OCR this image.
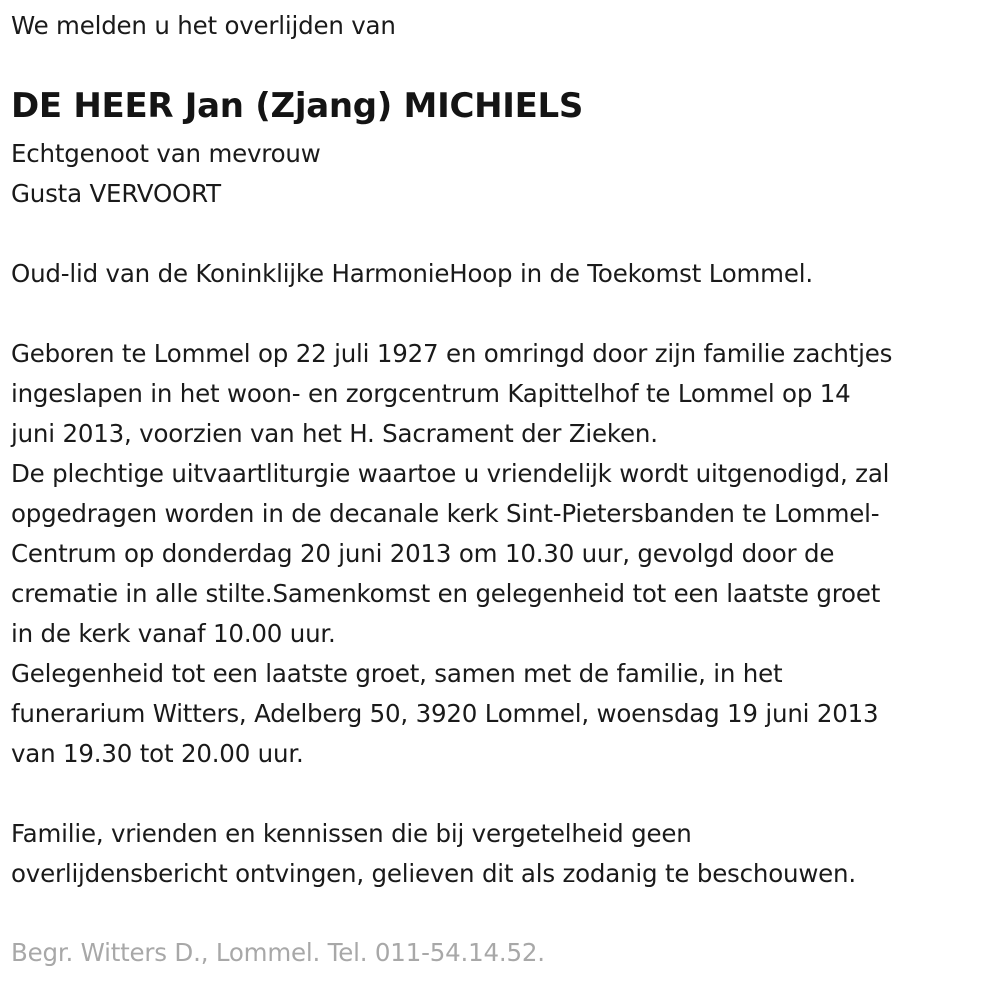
We melden u het overlijden van
DE HEER Jan (Zjang) MICHIELS
Echtgenoot van mevrouw
Gusta VERVOORT
Oud-lid van de Koninklijke HarmonieHoop in de Toekomst Lommel.
Geboren te Lommel op 22 juli 1927 en omringd door zijn familie zachtjes
ingeslapen in het woon- en zorgcentrum Kapittelhof te Lommel op 14
juni 2013, voorzien van het H. Sacrament der Zieken.
De plechtige uitvaartliturgie waartoe u vriendelijk wordt uitgenodigd, zal
opgedragen worden in de decanale kerk Sint-Pietersbanden te Lommel-
Centrum op donderdag 20 juni 2013 om 10.30 uur, gevolgd door de
crematie in alle stilte.Samenkomst en gelegenheid tot een laatste groet
in de kerk vanaf 10.00 uur.
Gelegenheid tot een laatste groet, samen met de familie, in het
funerarium Witters, Adelberg 50, 3920 Lommel, woensdag 19 juni 2013
van 19.30 tot 20.00 uur.
Familie, vrienden en kennissen die bij vergetelheid geen
overlijdensbericht ontvingen, gelieven dit als zodanig te beschouwen.
Begr. Witters D., Lommel. Tel. 011-54.14.52.
